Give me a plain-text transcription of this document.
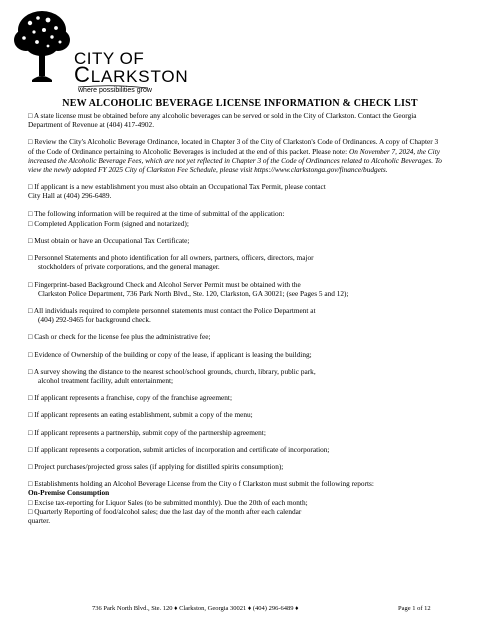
CITY OF
CLARKSTON
where possibilities grow
NEW ALCOHOLIC BEVERAGE LICENSE INFORMATION & CHECK LIST

□ A state license must be obtained before any alcoholic beverages can be served or sold in the City of Clarkston. Contact the Georgia Department of Revenue at (404) 417-4902.

□ Review the City's Alcoholic Beverage Ordinance, located in Chapter 3 of the City of Clarkston's Code of Ordinances. A copy of Chapter 3 of the Code of Ordinance pertaining to Alcoholic Beverages is included at the end of this packet. Please note: On November 7, 2024, the City increased the Alcoholic Beverage Fees, which are not yet reflected in Chapter 3 of the Code of Ordinances related to Alcoholic Beverages. To view the newly adopted FY 2025 City of Clarkston Fee Schedule, please visit https://www.clarkstonga.gov/finance/budgets.

□ If applicant is a new establishment you must also obtain an Occupational Tax Permit, please contact
City Hall at (404) 296-6489.

□ The following information will be required at the time of submittal of the application:

□ Completed Application Form (signed and notarized);

□ Must obtain or have an Occupational Tax Certificate;

□ Personnel Statements and photo identification for all owners, partners, officers, directors, major
stockholders of private corporations, and the general manager.

□ Fingerprint-based Background Check and Alcohol Server Permit must be obtained with the
Clarkston Police Department, 736 Park North Blvd., Ste. 120, Clarkston, GA 30021; (see Pages 5 and 12);

□ All individuals required to complete personnel statements must contact the Police Department at
(404) 292-9465 for background check.

□ Cash or check for the license fee plus the administrative fee;

□ Evidence of Ownership of the building or copy of the lease, if applicant is leasing the building;

□ A survey showing the distance to the nearest school/school grounds, church, library, public park,
alcohol treatment facility, adult entertainment;

□ If applicant represents a franchise, copy of the franchise agreement;

□ If applicant represents an eating establishment, submit a copy of the menu;

□ If applicant represents a partnership, submit copy of the partnership agreement;

□ If applicant represents a corporation, submit articles of incorporation and certificate of incorporation;

□ Project purchases/projected gross sales (if applying for distilled spirits consumption);

□ Establishments holding an Alcohol Beverage License from the City o f Clarkston must submit the following reports:

On-Premise Consumption

□ Excise tax-reporting for Liquor Sales (to be submitted monthly). Due the 20th of each month;

□ Quarterly Reporting of food/alcohol sales; due the last day of the month after each calendar
quarter.

736 Park North Blvd., Ste. 120 ♦ Clarkston, Georgia 30021 ♦ (404) 296-6489 ♦	Page 1 of 12
